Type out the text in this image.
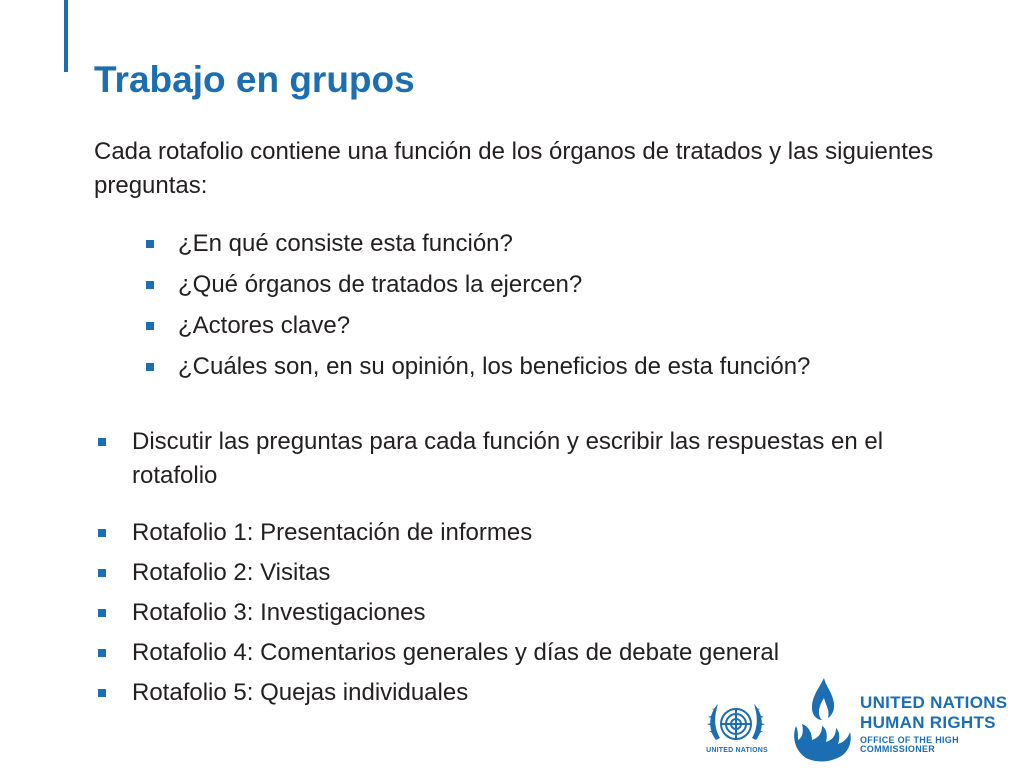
Trabajo en grupos

Cada rotafolio contiene una función de los órganos de tratados y las siguientes preguntas:

¿En qué consiste esta función?
¿Qué órganos de tratados la ejercen?
¿Actores clave?
¿Cuáles son, en su opinión, los beneficios de esta función?
Discutir las preguntas para cada función y escribir las respuestas en el rotafolio
Rotafolio 1: Presentación de informes
Rotafolio 2: Visitas
Rotafolio 3: Investigaciones
Rotafolio 4: Comentarios generales y días de debate general
Rotafolio 5: Quejas individuales
UNITED NATIONS
UNITED NATIONS
HUMAN RIGHTS
OFFICE OF THE HIGH COMMISSIONER
